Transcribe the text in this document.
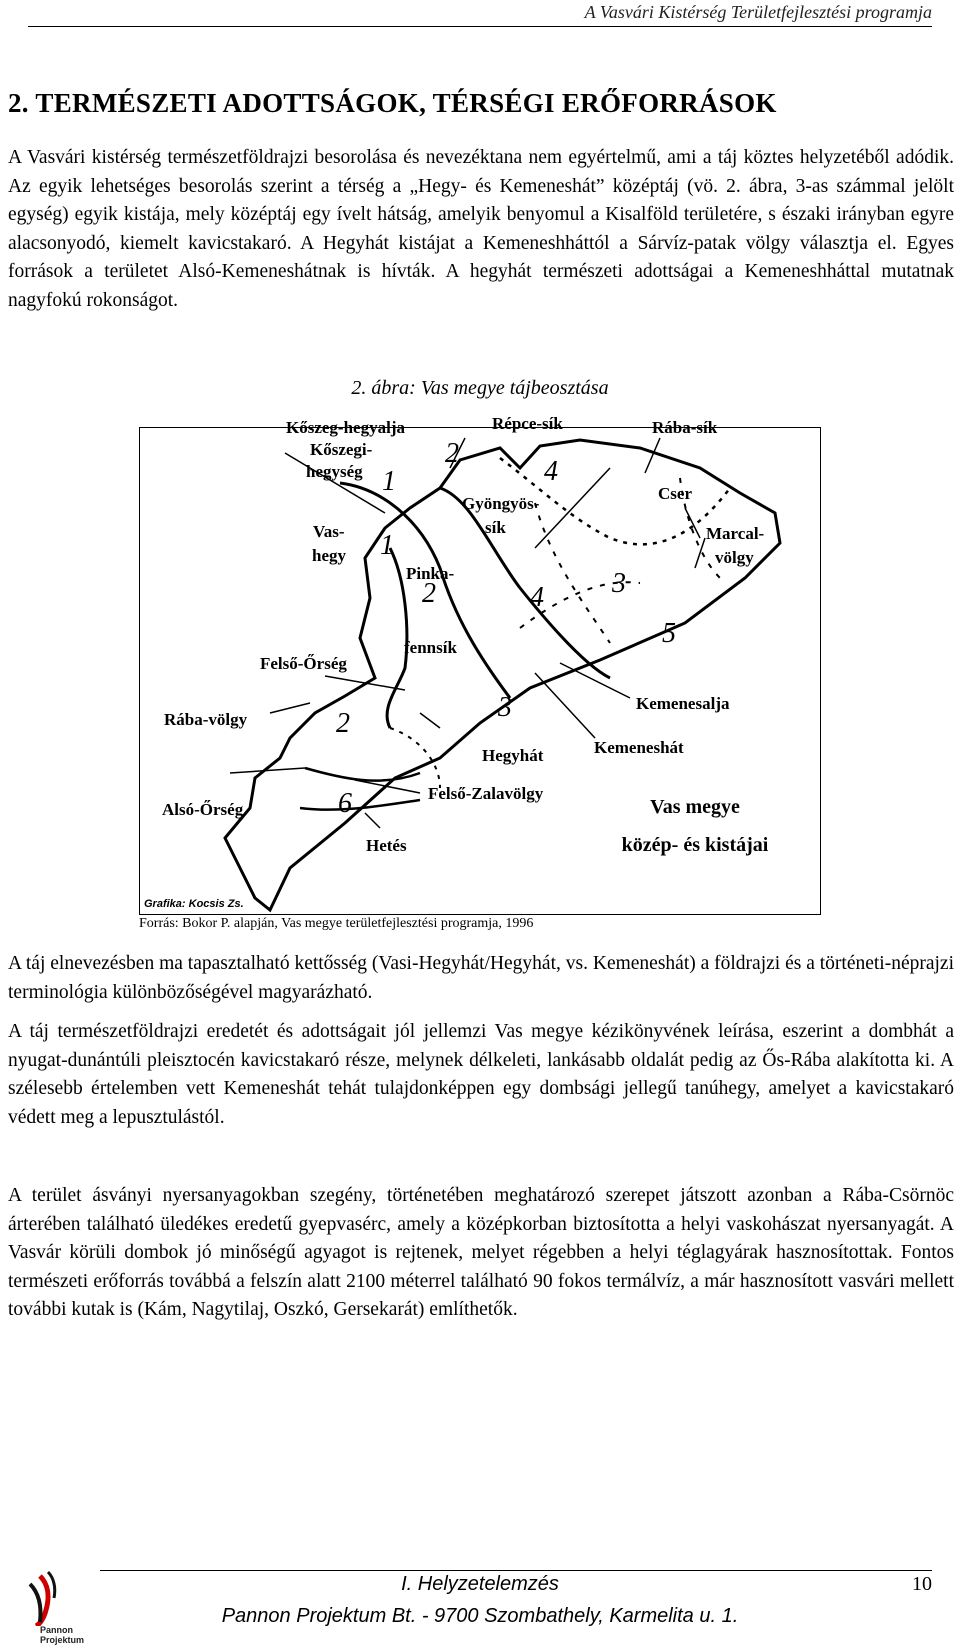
A Vasvári Kistérség Területfejlesztési programja
2. TERMÉSZETI ADOTTSÁGOK, TÉRSÉGI ERŐFORRÁSOK
A Vasvári kistérség természetföldrajzi besorolása és nevezéktana nem egyértelmű, ami a táj köztes helyzetéből adódik. Az egyik lehetséges besorolás szerint a térség a „Hegy- és Kemeneshát” középtáj (vö. 2. ábra, 3-as számmal jelölt egység) egyik kistája, mely középtáj egy ívelt hátság, amelyik benyomul a Kisalföld területére, s északi irányban egyre alacsonyodó, kiemelt kavicstakaró. A Hegyhát kistájat a Kemeneshháttól a Sárvíz-patak völgy választja el. Egyes források a területet Alsó-Kemeneshátnak is hívták. A hegyhát természeti adottságai a Kemeneshháttal mutatnak nagyfokú rokonságot.
2. ábra: Vas megye tájbeosztása
Kőszeg-hegyalja
Kőszegi-
hegység
Répce-sík	Rába-sík
Gyöngyös-
sík
Cser
Marcal-
völgy
Vas-
hegy
Pinka-
fennsík
Felső-Őrség
Rába-völgy
Kemenesalja
Hegyhát	Kemeneshát
Alsó-Őrség
Felső-Zalavölgy
Hetés
1
1
2
2
2
3
3
4
4
5
6	Vas megye
közép- és kistájai
Grafika: Kocsis Zs.
Forrás: Bokor P. alapján, Vas megye területfejlesztési programja, 1996
A táj elnevezésben ma tapasztalható kettősség (Vasi-Hegyhát/Hegyhát, vs. Kemeneshát) a földrajzi és a történeti-néprajzi terminológia különbözőségével magyarázható.
A táj természetföldrajzi eredetét és adottságait jól jellemzi Vas megye kézikönyvének leírása, eszerint a dombhát a nyugat-dunántúli pleisztocén kavicstakaró része, melynek délkeleti, lankásabb oldalát pedig az Ős-Rába alakította ki. A szélesebb értelemben vett Kemeneshát tehát tulajdonképpen egy dombsági jellegű tanúhegy, amelyet a kavicstakaró védett meg a lepusztulástól.
A terület ásványi nyersanyagokban szegény, történetében meghatározó szerepet játszott azonban a Rába-Csörnöc árterében található üledékes eredetű gyepvasérc, amely a középkorban biztosította a helyi vaskohászat nyersanyagát. A Vasvár körüli dombok jó minőségű agyagot is rejtenek, melyet régebben a helyi téglagyárak hasznosítottak. Fontos természeti erőforrás továbbá a felszín alatt 2100 méterrel található 90 fokos termálvíz, a már hasznosított vasvári mellett további kutak is (Kám, Nagytilaj, Oszkó, Gersekarát) említhetők.
Pannon
Projektum
I. Helyzetelemzés	10
Pannon Projektum Bt. - 9700 Szombathely, Karmelita u. 1.
